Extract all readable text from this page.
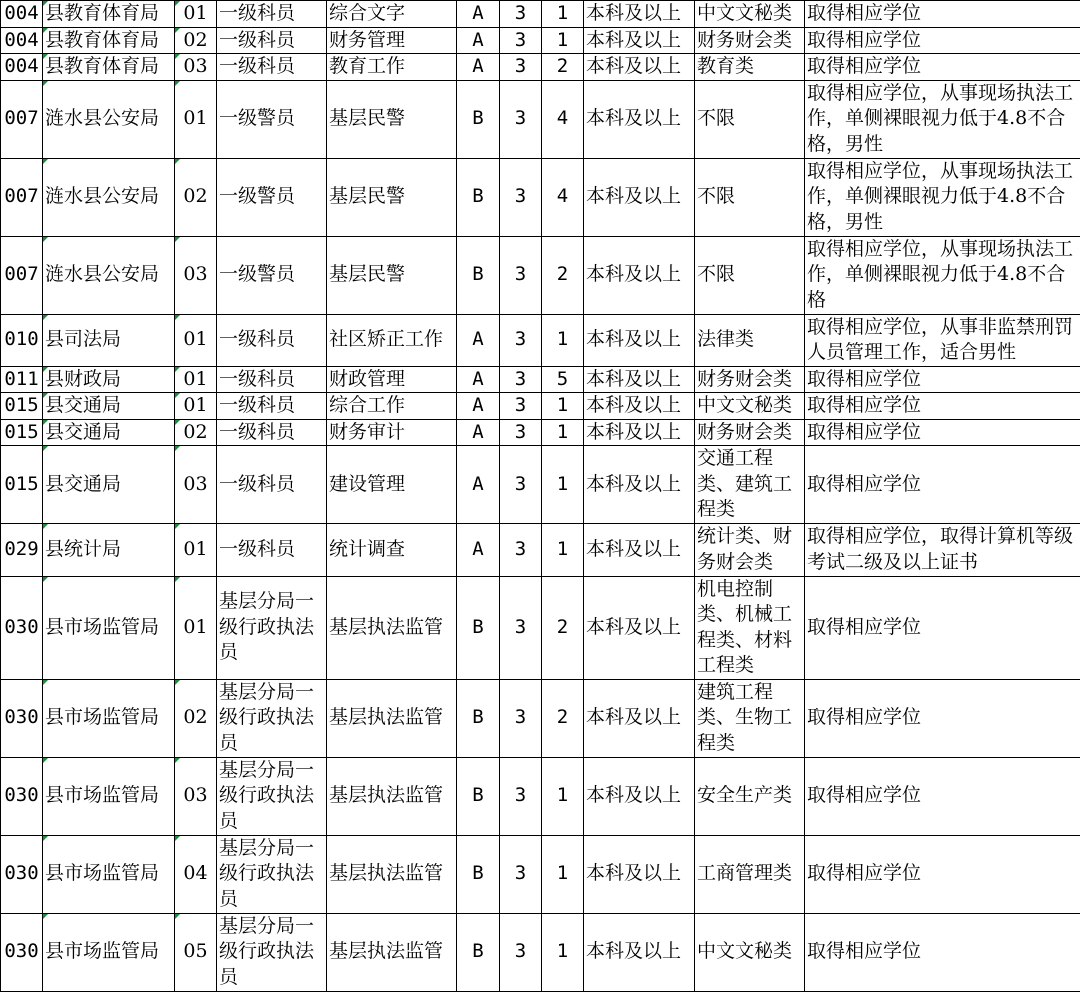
004	县教育体育局	01	一级科员	综合文字	A	3	1	本科及以上	中文文秘类	取得相应学位
004	县教育体育局	02	一级科员	财务管理	A	3	1	本科及以上	财务财会类	取得相应学位
004	县教育体育局	03	一级科员	教育工作	A	3	2	本科及以上	教育类	取得相应学位
007	涟水县公安局	01	一级警员	基层民警	B	3	4	本科及以上	不限	取得相应学位，从事现场执法工作，单侧裸眼视力低于4.8不合格，男性
007	涟水县公安局	02	一级警员	基层民警	B	3	4	本科及以上	不限	取得相应学位，从事现场执法工作，单侧裸眼视力低于4.8不合格，男性
007	涟水县公安局	03	一级警员	基层民警	B	3	2	本科及以上	不限	取得相应学位，从事现场执法工作，单侧裸眼视力低于4.8不合格
010	县司法局	01	一级科员	社区矫正工作	A	3	1	本科及以上	法律类	取得相应学位，从事非监禁刑罚人员管理工作，适合男性
011	县财政局	01	一级科员	财政管理	A	3	5	本科及以上	财务财会类	取得相应学位
015	县交通局	01	一级科员	综合工作	A	3	1	本科及以上	中文文秘类	取得相应学位
015	县交通局	02	一级科员	财务审计	A	3	1	本科及以上	财务财会类	取得相应学位
015	县交通局	03	一级科员	建设管理	A	3	1	本科及以上	交通工程类、建筑工程类	取得相应学位
029	县统计局	01	一级科员	统计调查	A	3	1	本科及以上	统计类、财务财会类	取得相应学位，取得计算机等级考试二级及以上证书
030	县市场监管局	01	基层分局一级行政执法员	基层执法监管	B	3	2	本科及以上	机电控制类、机械工程类、材料工程类	取得相应学位
030	县市场监管局	02	基层分局一级行政执法员	基层执法监管	B	3	2	本科及以上	建筑工程类、生物工程类	取得相应学位
030	县市场监管局	03	基层分局一级行政执法员	基层执法监管	B	3	1	本科及以上	安全生产类	取得相应学位
030	县市场监管局	04	基层分局一级行政执法员	基层执法监管	B	3	1	本科及以上	工商管理类	取得相应学位
030	县市场监管局	05	基层分局一级行政执法员	基层执法监管	B	3	1	本科及以上	中文文秘类	取得相应学位
